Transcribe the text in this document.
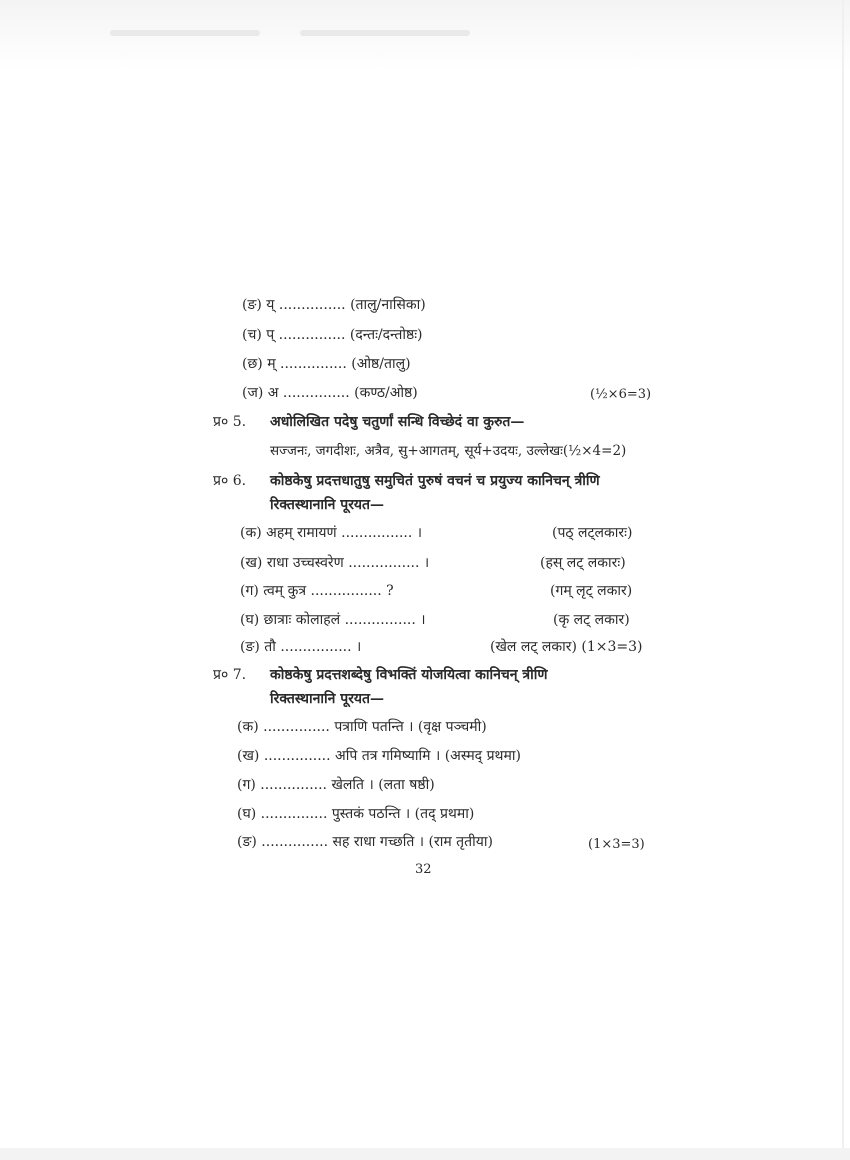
(ङ) य् ............... (तालु/नासिका)
(च) प् ............... (दन्तः/दन्तोष्ठः)
(छ) म् ............... (ओष्ठ/तालु)
(ज) अ ............... (कण्ठ/ओष्ठ)	(½×6=3)
प्र० 5. अधोलिखित पदेषु चतुर्णां सन्धि विच्छेदं वा कुरुत—
सज्जनः, जगदीशः, अत्रैव, सु+आगतम्, सूर्य+उदयः, उल्लेखः(½×4=2)
प्र० 6. कोष्ठकेषु प्रदत्तधातुषु समुचितं पुरुषं वचनं च प्रयुज्य कानिचन् त्रीणि
रिक्तस्थानानि पूरयत—
(क) अहम् रामायणं ................ ।	(पठ् लट्लकारः)
(ख) राधा उच्चस्वरेण ................ ।	(हस् लट् लकारः)
(ग) त्वम् कुत्र ................ ?	(गम् लृट् लकार)
(घ) छात्राः कोलाहलं ................ ।	(कृ लट् लकार)
(ङ) तौ ................ ।	(खेल लट् लकार) (1×3=3)
प्र० 7. कोष्ठकेषु प्रदत्तशब्देषु विभक्तिं योजयित्वा कानिचन् त्रीणि
रिक्तस्थानानि पूरयत—
(क) ............... पत्राणि पतन्ति । (वृक्ष पञ्चमी)
(ख) ............... अपि तत्र गमिष्यामि । (अस्मद् प्रथमा)
(ग) ............... खेलति । (लता षष्ठी)
(घ) ............... पुस्तकं पठन्ति । (तद् प्रथमा)
(ङ) ............... सह राधा गच्छति । (राम तृतीया)	(1×3=3)
32
